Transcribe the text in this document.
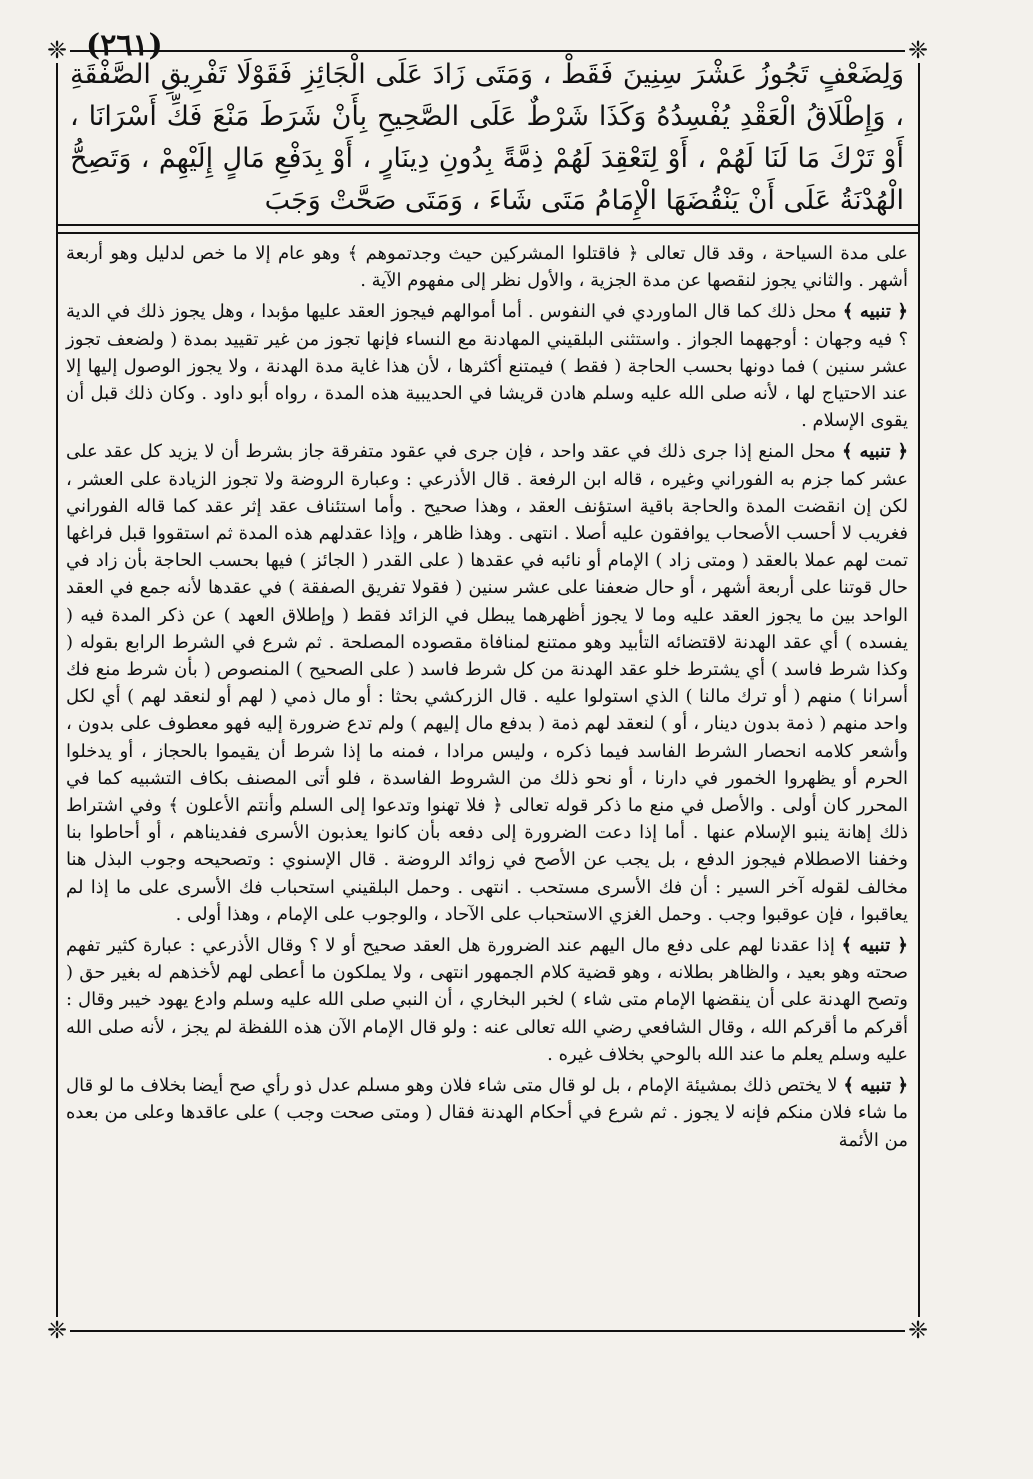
(٢٦١)
❈	❈
❈	❈

وَلِضَعْفٍ تَجُوزُ عَشْرَ سِنِينَ فَقَطْ ، وَمَتَى زَادَ عَلَى الْجَائِزِ فَقَوْلَا تَفْرِيقِ الصَّفْقَةِ ، وَإِطْلَاقُ الْعَقْدِ يُفْسِدُهُ وَكَذَا شَرْطٌ عَلَى الصَّحِيحِ بِأَنْ شَرَطَ مَنْعَ فَكِّ أَسْرَانَا ، أَوْ تَرْكَ مَا لَنَا لَهُمْ ، أَوْ لِتَعْقِدَ لَهُمْ ذِمَّةً بِدُونِ دِينَارٍ ، أَوْ بِدَفْعِ مَالٍ إِلَيْهِمْ ، وَتَصِحُّ الْهُدْنَةُ عَلَى أَنْ يَنْقُضَهَا الْإِمَامُ مَتَى شَاءَ ، وَمَتَى صَحَّتْ وَجَبَ

على مدة السياحة ، وقد قال تعالى ﴿ فاقتلوا المشركين حيث وجدتموهم ﴾ وهو عام إلا ما خص لدليل وهو أربعة أشهر . والثاني يجوز لنقصها عن مدة الجزية ، والأول نظر إلى مفهوم الآية .

﴿ تنبيه ﴾ محل ذلك كما قال الماوردي في النفوس . أما أموالهم فيجوز العقد عليها مؤبدا ، وهل يجوز ذلك في الدية ؟ فيه وجهان : أوجههما الجواز . واستثنى البلقيني المهادنة مع النساء فإنها تجوز من غير تقييد بمدة ( ولضعف تجوز عشر سنين ) فما دونها بحسب الحاجة ( فقط ) فيمتنع أكثرها ، لأن هذا غاية مدة الهدنة ، ولا يجوز الوصول إليها إلا عند الاحتياج لها ، لأنه صلى الله عليه وسلم هادن قريشا في الحديبية هذه المدة ، رواه أبو داود . وكان ذلك قبل أن يقوى الإسلام .

﴿ تنبيه ﴾ محل المنع إذا جرى ذلك في عقد واحد ، فإن جرى في عقود متفرقة جاز بشرط أن لا يزيد كل عقد على عشر كما جزم به الفوراني وغيره ، قاله ابن الرفعة . قال الأذرعي : وعبارة الروضة ولا تجوز الزيادة على العشر ، لكن إن انقضت المدة والحاجة باقية استؤنف العقد ، وهذا صحيح . وأما استئناف عقد إثر عقد كما قاله الفوراني فغريب لا أحسب الأصحاب يوافقون عليه أصلا . انتهى . وهذا ظاهر ، وإذا عقدلهم هذه المدة ثم استقووا قبل فراغها تمت لهم عملا بالعقد ( ومتى زاد ) الإمام أو نائبه في عقدها ( على القدر ( الجائز ) فيها بحسب الحاجة بأن زاد في حال قوتنا على أربعة أشهر ، أو حال ضعفنا على عشر سنين ( فقولا تفريق الصفقة ) في عقدها لأنه جمع في العقد الواحد بين ما يجوز العقد عليه وما لا يجوز أظهرهما يبطل في الزائد فقط ( وإطلاق العهد ) عن ذكر المدة فيه ( يفسده ) أي عقد الهدنة لاقتضائه التأبيد وهو ممتنع لمنافاة مقصوده المصلحة . ثم شرع في الشرط الرابع بقوله ( وكذا شرط فاسد ) أي يشترط خلو عقد الهدنة من كل شرط فاسد ( على الصحيح ) المنصوص ( بأن شرط منع فك أسرانا ) منهم ( أو ترك مالنا ) الذي استولوا عليه . قال الزركشي بحثا : أو مال ذمي ( لهم أو لنعقد لهم ) أي لكل واحد منهم ( ذمة بدون دينار ، أو ) لنعقد لهم ذمة ( بدفع مال إليهم ) ولم تدع ضرورة إليه فهو معطوف على بدون ، وأشعر كلامه انحصار الشرط الفاسد فيما ذكره ، وليس مرادا ، فمنه ما إذا شرط أن يقيموا بالحجاز ، أو يدخلوا الحرم أو يظهروا الخمور في دارنا ، أو نحو ذلك من الشروط الفاسدة ، فلو أتى المصنف بكاف التشبيه كما في المحرر كان أولى . والأصل في منع ما ذكر قوله تعالى ﴿ فلا تهنوا وتدعوا إلى السلم وأنتم الأعلون ﴾ وفي اشتراط ذلك إهانة ينبو الإسلام عنها . أما إذا دعت الضرورة إلى دفعه بأن كانوا يعذبون الأسرى ففديناهم ، أو أحاطوا بنا وخفنا الاصطلام فيجوز الدفع ، بل يجب عن الأصح في زوائد الروضة . قال الإسنوي : وتصحيحه وجوب البذل هنا مخالف لقوله آخر السير : أن فك الأسرى مستحب . انتهى . وحمل البلقيني استحباب فك الأسرى على ما إذا لم يعاقبوا ، فإن عوقبوا وجب . وحمل الغزي الاستحباب على الآحاد ، والوجوب على الإمام ، وهذا أولى .

﴿ تنبيه ﴾ إذا عقدنا لهم على دفع مال اليهم عند الضرورة هل العقد صحيح أو لا ؟ وقال الأذرعي : عبارة كثير تفهم صحته وهو بعيد ، والظاهر بطلانه ، وهو قضية كلام الجمهور انتهى ، ولا يملكون ما أعطى لهم لأخذهم له بغير حق ( وتصح الهدنة على أن ينقضها الإمام متى شاء ) لخبر البخاري ، أن النبي صلى الله عليه وسلم وادع يهود خيبر وقال : أقركم ما أقركم الله ، وقال الشافعي رضي الله تعالى عنه : ولو قال الإمام الآن هذه اللفظة لم يجز ، لأنه صلى الله عليه وسلم يعلم ما عند الله بالوحي بخلاف غيره .

﴿ تنبيه ﴾ لا يختص ذلك بمشيئة الإمام ، بل لو قال متى شاء فلان وهو مسلم عدل ذو رأي صح أيضا بخلاف ما لو قال ما شاء فلان منكم فإنه لا يجوز . ثم شرع في أحكام الهدنة فقال ( ومتى صحت وجب ) على عاقدها وعلى من بعده من الأئمة
